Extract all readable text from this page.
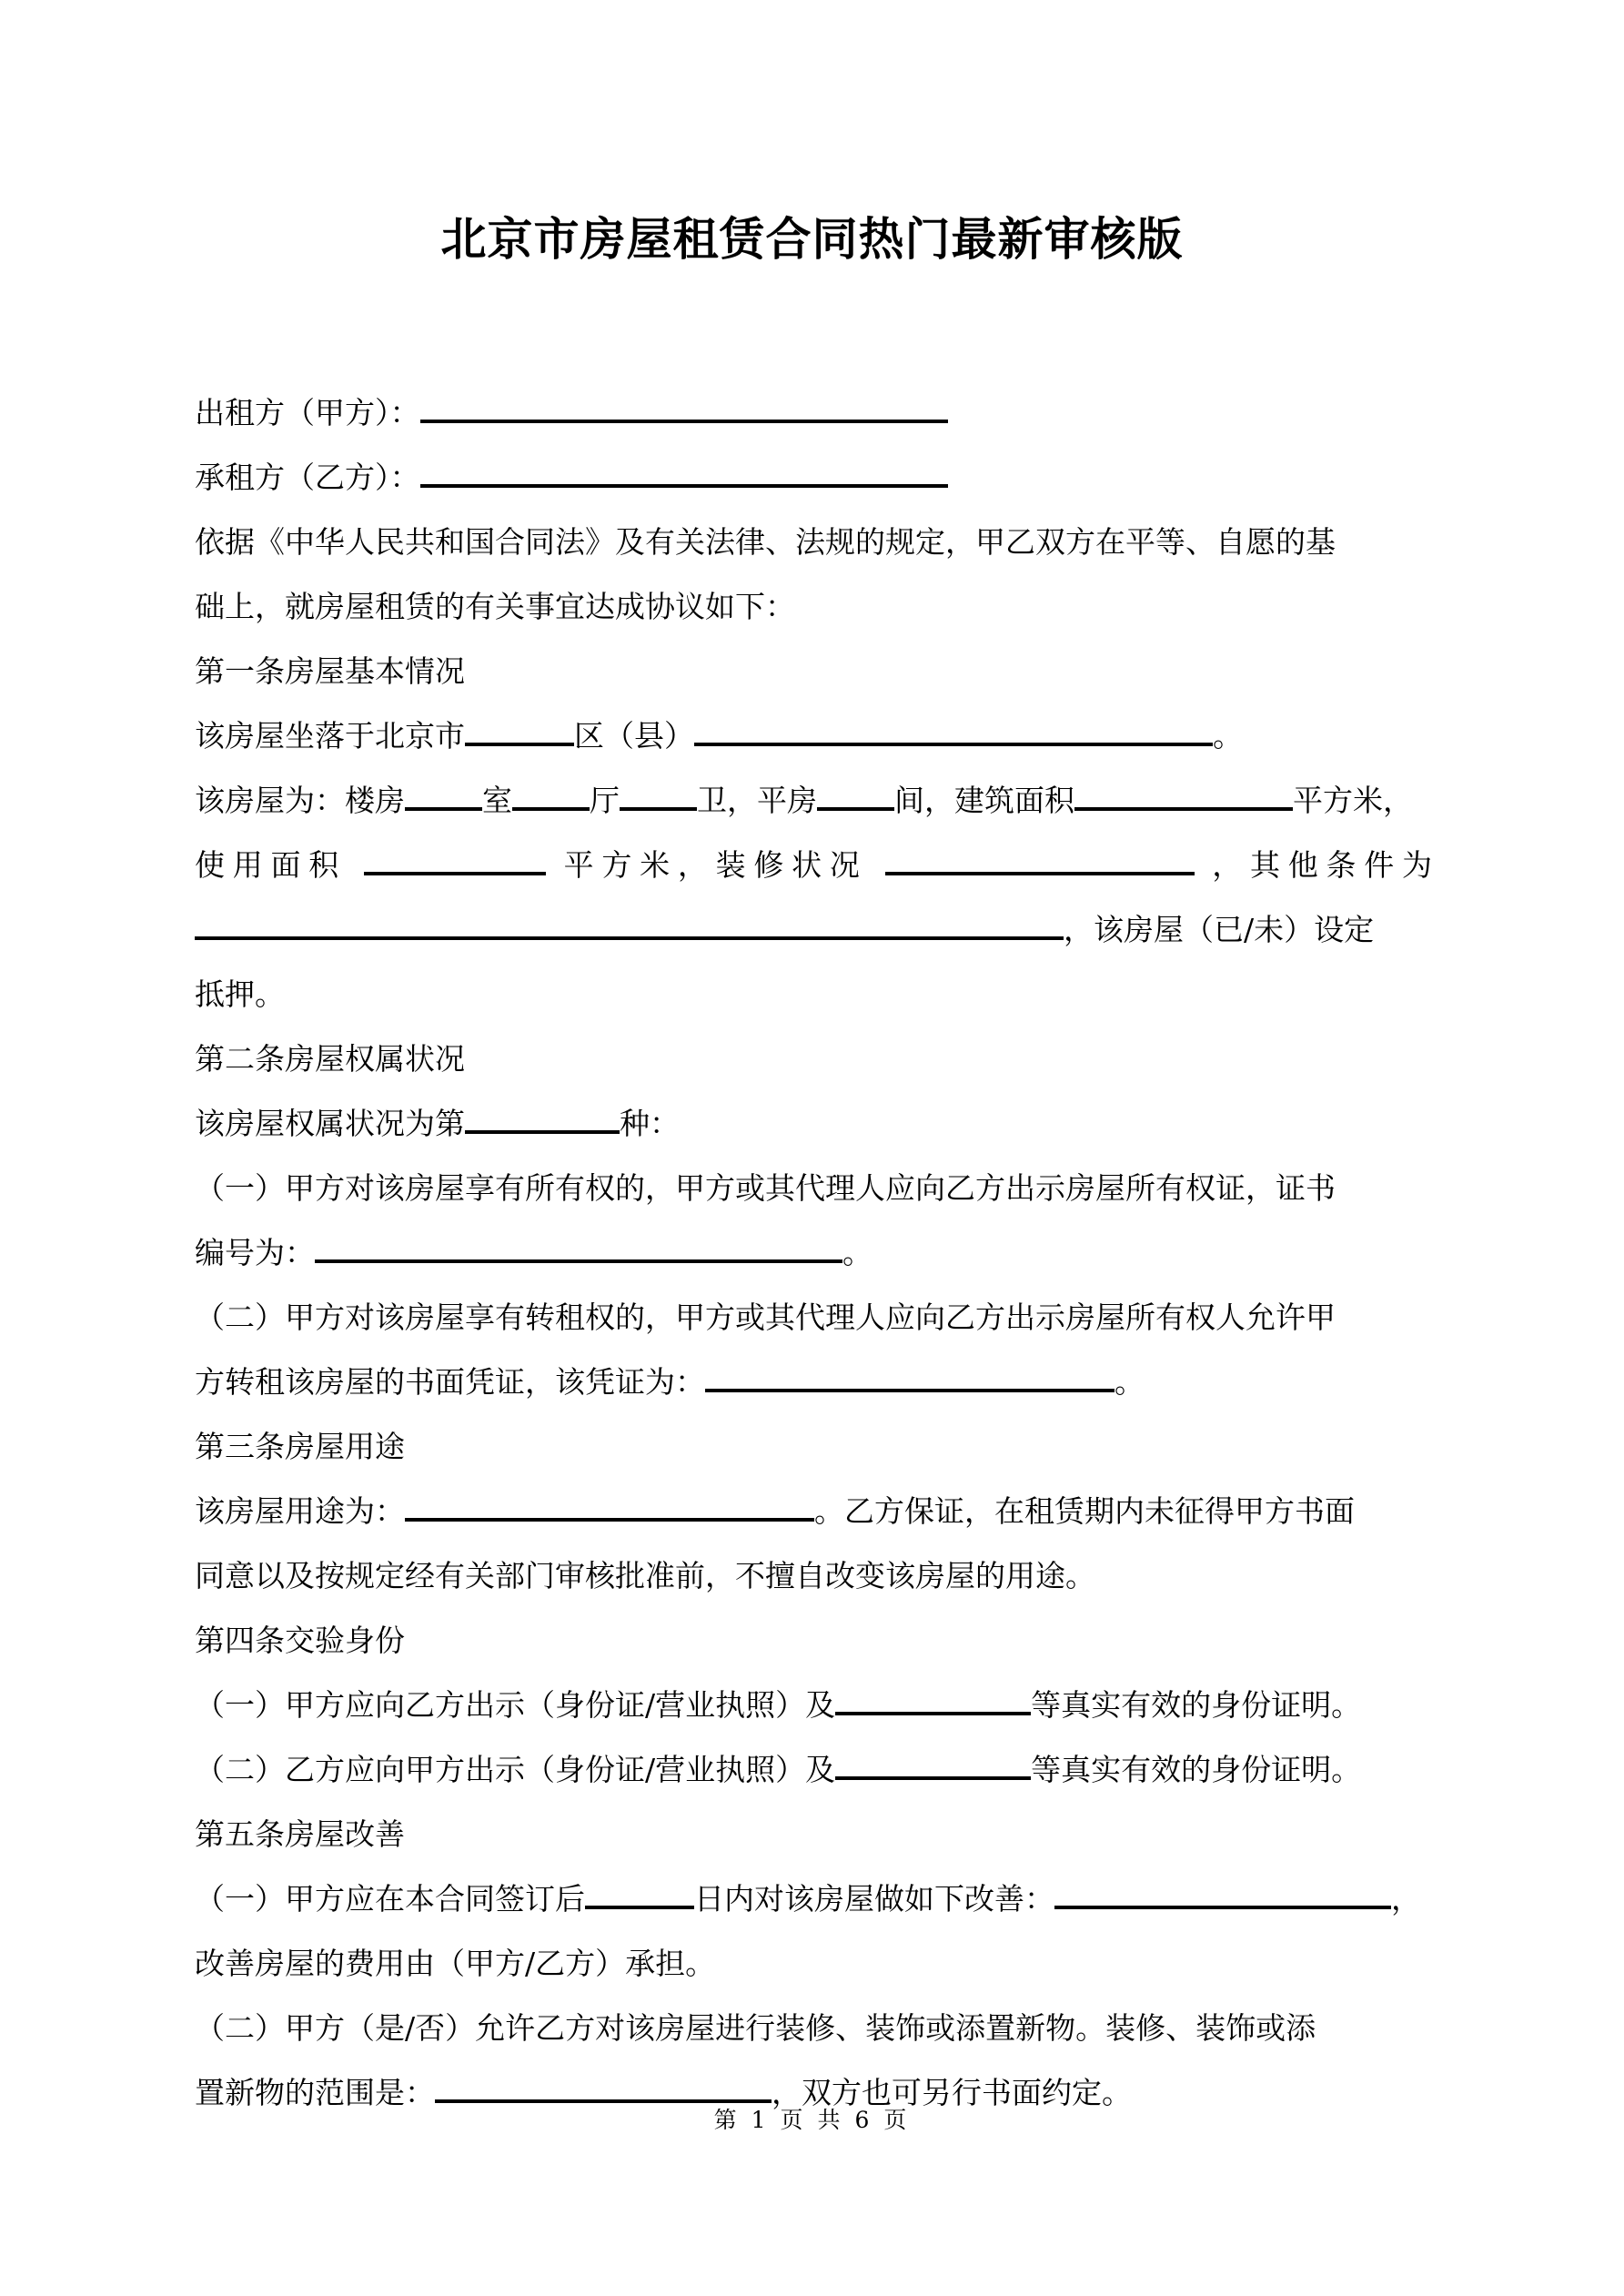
北京市房屋租赁合同热门最新审核版
出租方（甲方）：
承租方（乙方）：
依据《中华人民共和国合同法》及有关法律、法规的规定，甲乙双方在平等、自愿的基
础上，就房屋租赁的有关事宜达成协议如下：
第一条房屋基本情况
该房屋坐落于北京市	区（县）	。
该房屋为：楼房	室	厅	卫，平房	间，建筑面积	平方米，
使用面积	平方米，装修状况	，其他条件为
，该房屋（已/未）设定
抵押。
第二条房屋权属状况
该房屋权属状况为第	种：
（一）甲方对该房屋享有所有权的，甲方或其代理人应向乙方出示房屋所有权证，证书
编号为：	。
（二）甲方对该房屋享有转租权的，甲方或其代理人应向乙方出示房屋所有权人允许甲
方转租该房屋的书面凭证，该凭证为：	。
第三条房屋用途
该房屋用途为：	。乙方保证，在租赁期内未征得甲方书面
同意以及按规定经有关部门审核批准前，不擅自改变该房屋的用途。
第四条交验身份
（一）甲方应向乙方出示（身份证/营业执照）及	等真实有效的身份证明。
（二）乙方应向甲方出示（身份证/营业执照）及	等真实有效的身份证明。
第五条房屋改善
（一）甲方应在本合同签订后	日内对该房屋做如下改善：	，
改善房屋的费用由（甲方/乙方）承担。
（二）甲方（是/否）允许乙方对该房屋进行装修、装饰或添置新物。装修、装饰或添
置新物的范围是：	，双方也可另行书面约定。
第 1 页 共 6 页
